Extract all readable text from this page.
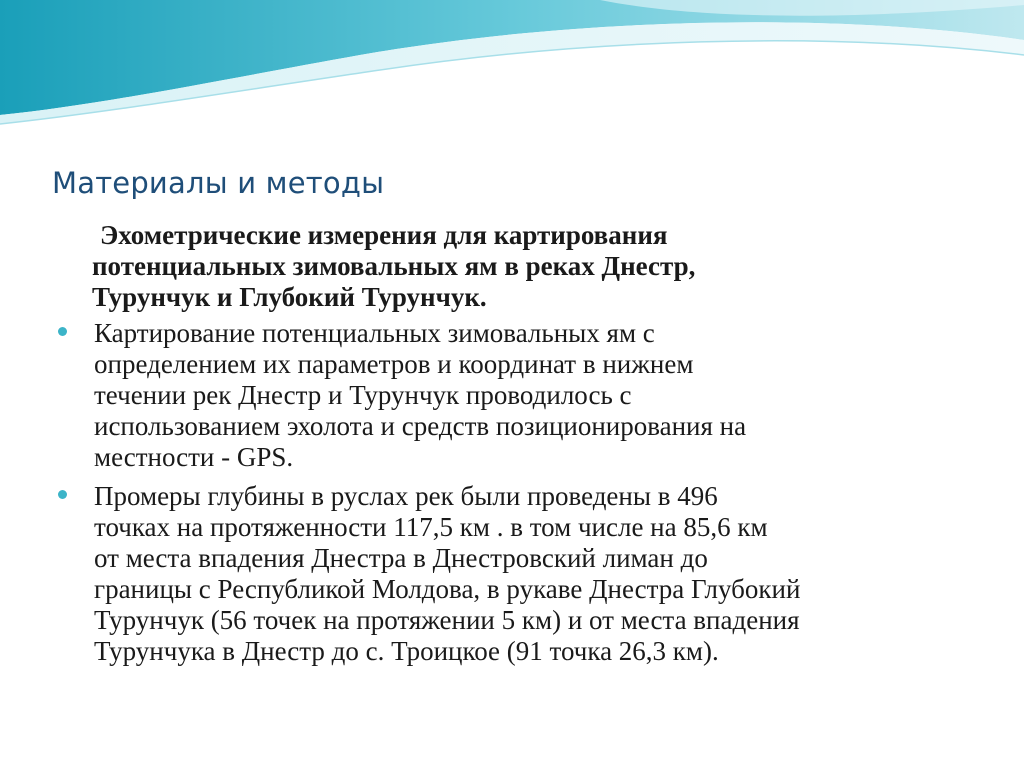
Материалы и методы
Эхометрические измерения для картирования
потенциальных зимовальных ям в реках Днестр,
Турунчук и Глубокий Турунчук.
Картирование потенциальных зимовальных ям с
определением их параметров и координат в нижнем
течении рек Днестр и Турунчук проводилось с
использованием эхолота и средств позиционирования на
местности - GPS.
Промеры глубины в руслах рек были проведены в 496
точках на протяженности 117,5 км . в том числе на 85,6 км
от места впадения Днестра в Днестровский лиман до
границы с Республикой Молдова, в рукаве Днестра Глубокий
Турунчук (56 точек на протяжении 5 км) и от места впадения
Турунчука в Днестр до с. Троицкое (91 точка 26,3 км).
